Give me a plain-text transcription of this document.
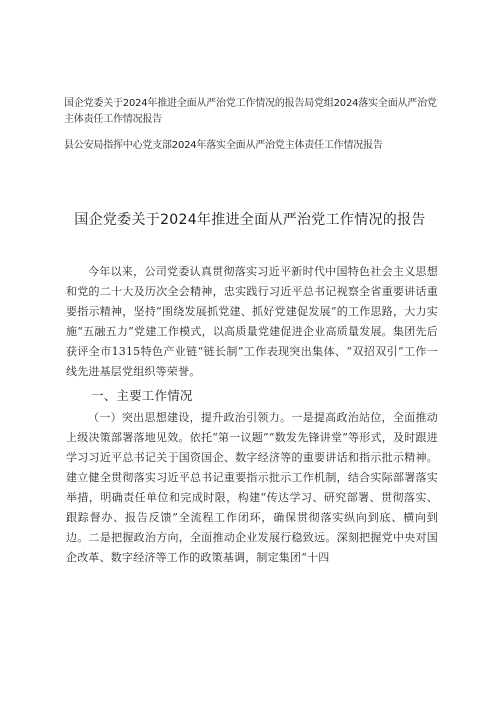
国企党委关于2024年推进全面从严治党工作情况的报告局党组2024落实全面从严治党主体责任工作情况报告
县公安局指挥中心党支部2024年落实全面从严治党主体责任工作情况报告
国企党委关于2024年推进全面从严治党工作情况的报告

今年以来，公司党委认真贯彻落实习近平新时代中国特色社会主义思想和党的二十大及历次全会精神，忠实践行习近平总书记视察全省重要讲话重要指示精神，坚持“围绕发展抓党建、抓好党建促发展”的工作思路，大力实施“五融五力”党建工作模式，以高质量党建促进企业高质量发展。集团先后获评全市1315特色产业链“链长制”工作表现突出集体、“双招双引”工作一线先进基层党组织等荣誉。

一、主要工作情况

（一）突出思想建设，提升政治引领力。一是提高政治站位，全面推动上级决策部署落地见效。依托“第一议题”“数发先锋讲堂”等形式，及时跟进学习习近平总书记关于国资国企、数字经济等的重要讲话和指示批示精神。建立健全贯彻落实习近平总书记重要指示批示工作机制，结合实际部署落实举措，明确责任单位和完成时限，构建“传达学习、研究部署、贯彻落实、跟踪督办、报告反馈”全流程工作闭环，确保贯彻落实纵向到底、横向到边。二是把握政治方向，全面推动企业发展行稳致远。深刻把握党中央对国企改革、数字经济等工作的政策基调，制定集团“十四
